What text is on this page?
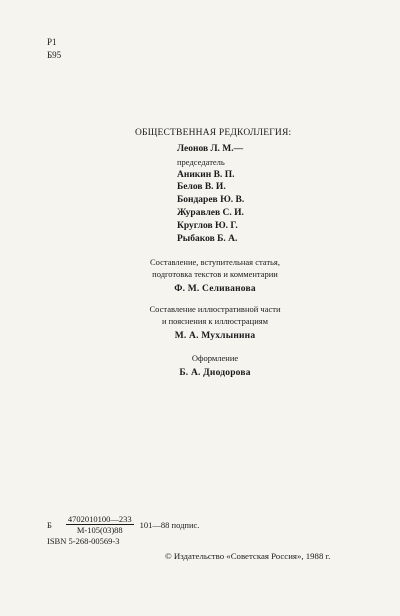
Р1
Б95
ОБЩЕСТВЕННАЯ РЕДКОЛЛЕГИЯ:
Леонов Л. М.—
председатель
Аникин В. П.
Белов В. И.
Бондарев Ю. В.
Журавлев С. И.
Круглов Ю. Г.
Рыбаков Б. А.
Составление, вступительная статья,
подготовка текстов и комментарии
Ф. М. Селиванова
Составление иллюстративной части
и пояснения к иллюстрациям
М. А. Мухлынина
Оформление
Б. А. Диодорова
Б $\frac{4702010100—233}{М-105(03)88}$ 101—88 подпис.
ISBN 5-268-00569-3
© Издательство «Советская Россия», 1988 г.
